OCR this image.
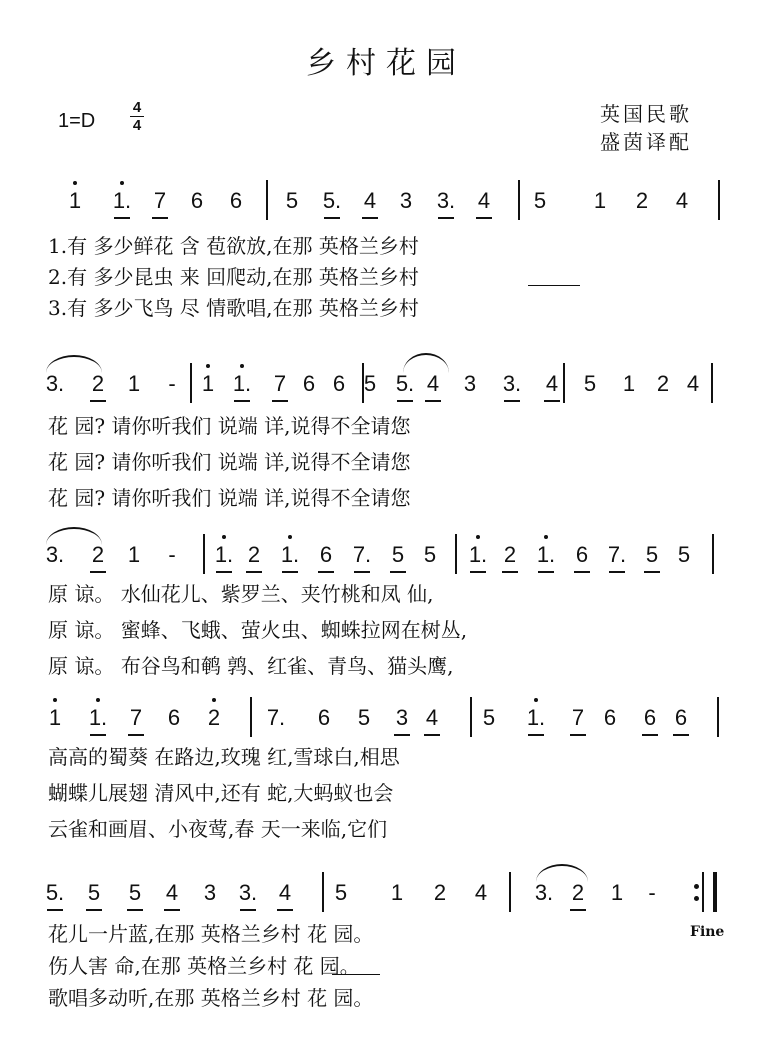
乡村花园
1=D
4
4	英国民歌
盛茵译配
1 1. 7 6 6 5 5. 4 3 3. 4 5 1 2 4
1.有 多少鲜花 含 苞欲放,在那 英格兰乡村
2.有 多少昆虫 来 回爬动,在那 英格兰乡村
3.有 多少飞鸟 尽 情歌唱,在那 英格兰乡村
3. 2 1 - 1 1. 7 6 6 5 5. 4 3 3. 4 5 1 2 4
花 园? 请你听我们 说端 详,说得不全请您
花 园? 请你听我们 说端 详,说得不全请您
花 园? 请你听我们 说端 详,说得不全请您
3. 2 1 - 1. 2 1. 6 7. 5 5 1. 2 1. 6 7. 5 5
原 谅。 水仙花儿、紫罗兰、夹竹桃和凤 仙,
原 谅。 蜜蜂、飞蛾、萤火虫、蜘蛛拉网在树丛,
原 谅。 布谷鸟和鹌 鹑、红雀、青鸟、猫头鹰,
1 1. 7 6 2 7. 6 5 3 4 5 1. 7 6 6 6
高高的蜀葵 在路边,玫瑰 红,雪球白,相思
蝴蝶儿展翅 清风中,还有 蛇,大蚂蚁也会
云雀和画眉、小夜莺,春 天一来临,它们
5. 5 5 4 3 3. 4 5 1 2 4 3. 2 1 -
花儿一片蓝,在那 英格兰乡村 花 园。
伤人害 命,在那 英格兰乡村 花 园。
歌唱多动听,在那 英格兰乡村 花 园。
Fine
